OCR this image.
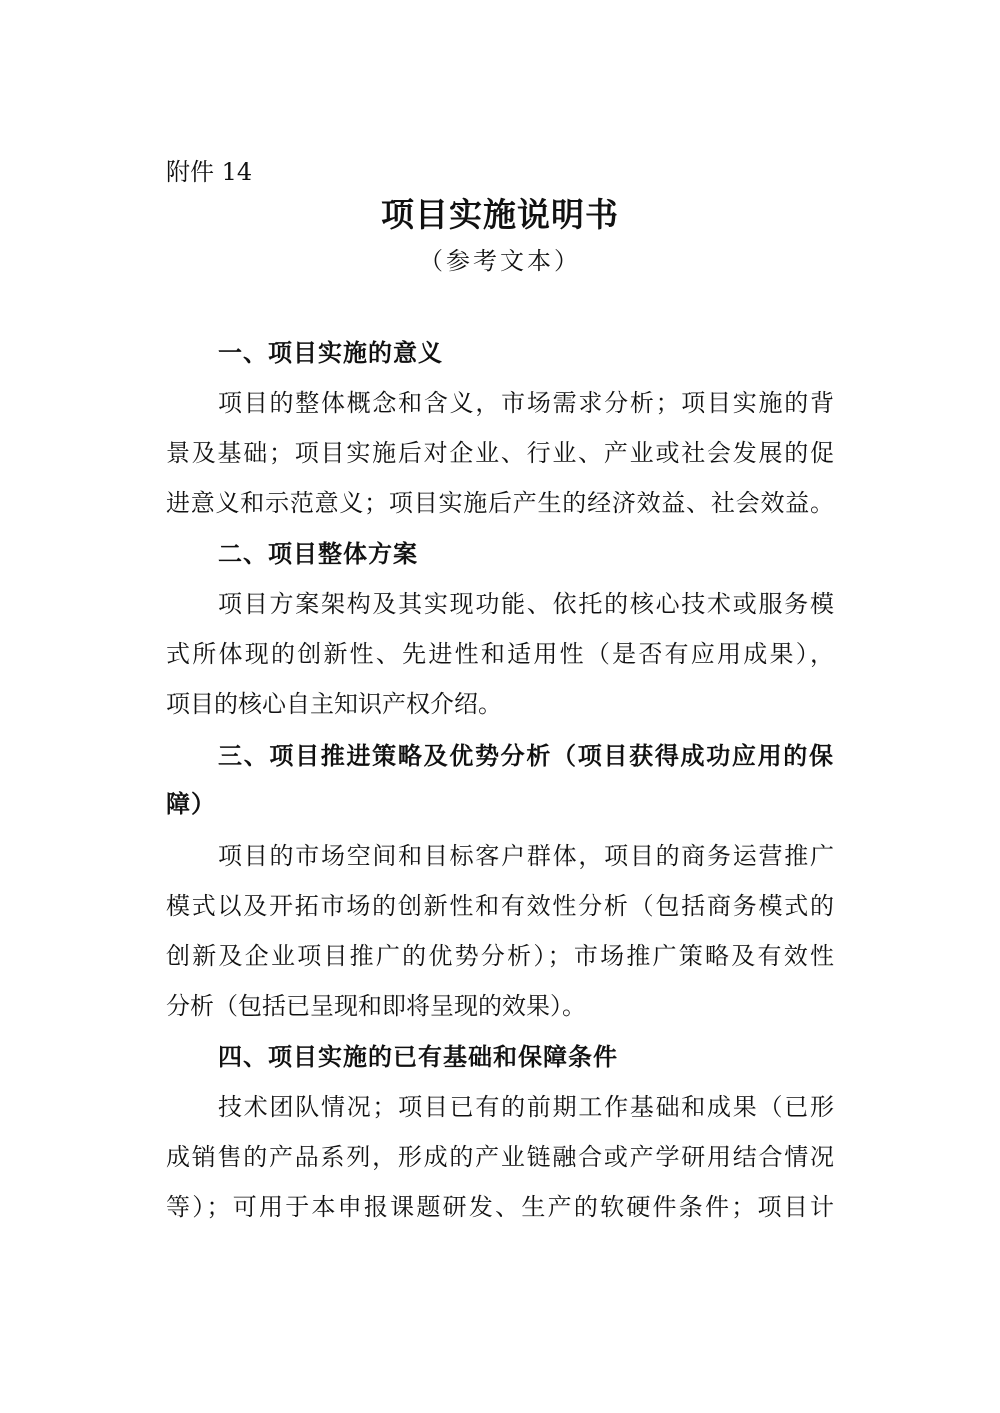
附件 14
项目实施说明书
（参考文本）
一、项目实施的意义
项目的整体概念和含义，市场需求分析；项目实施的背
景及基础；项目实施后对企业、行业、产业或社会发展的促
进意义和示范意义；项目实施后产生的经济效益、社会效益。
二、项目整体方案
项目方案架构及其实现功能、依托的核心技术或服务模
式所体现的创新性、先进性和适用性（是否有应用成果），
项目的核心自主知识产权介绍。
三、项目推进策略及优势分析（项目获得成功应用的保
障）
项目的市场空间和目标客户群体，项目的商务运营推广
模式以及开拓市场的创新性和有效性分析（包括商务模式的
创新及企业项目推广的优势分析）；市场推广策略及有效性
分析（包括已呈现和即将呈现的效果）。
四、项目实施的已有基础和保障条件
技术团队情况；项目已有的前期工作基础和成果（已形
成销售的产品系列，形成的产业链融合或产学研用结合情况
等）；可用于本申报课题研发、生产的软硬件条件；项目计
